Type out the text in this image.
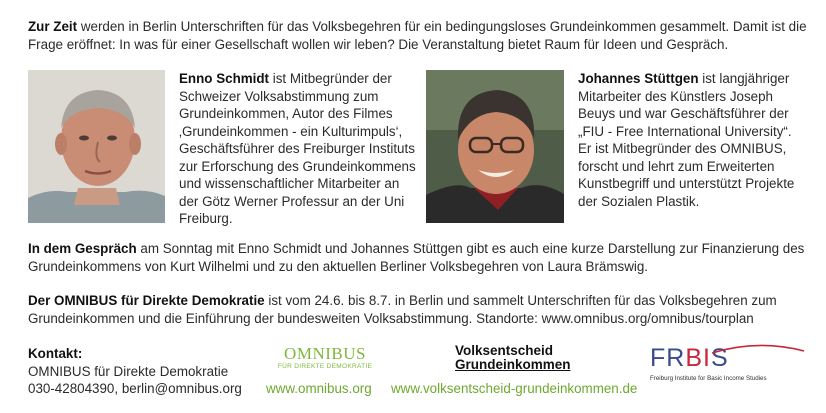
Zur Zeit werden in Berlin Unterschriften für das Volksbegehren für ein bedingungsloses Grundeinkommen gesammelt. Damit ist die Frage eröffnet: In was für einer Gesellschaft wollen wir leben? Die Veranstaltung bietet Raum für Ideen und Gespräch.

Enno Schmidt ist Mitbegründer der Schweizer Volksabstimmung zum Grundeinkommen, Autor des Filmes ‚Grundeinkommen - ein Kulturimpuls‘, Geschäftsführer des Freiburger Instituts zur Erforschung des Grundeinkommens und wissenschaftlicher Mitarbeiter an der Götz Werner Professur an der Uni Freiburg.

Johannes Stüttgen ist langjähriger Mitarbeiter des Künstlers Joseph Beuys und war Geschäftsführer der „FIU - Free International University“. Er ist Mitbegründer des OMNIBUS, forscht und lehrt zum Erweiterten Kunstbegriff und unterstützt Projekte der Sozialen Plastik.

In dem Gespräch am Sonntag mit Enno Schmidt und Johannes Stüttgen gibt es auch eine kurze Darstellung zur Finanzierung des Grundeinkommens von Kurt Wilhelmi und zu den aktuellen Berliner Volksbegehren von Laura Brämswig.

Der OMNIBUS für Direkte Demokratie ist vom 24.6. bis 8.7. in Berlin und sammelt Unterschriften für das Volksbegehren zum Grundeinkommen und die Einführung der bundesweiten Volksabstimmung. Standorte: www.omnibus.org/omnibus/tourplan

Kontakt:
OMNIBUS für Direkte Demokratie
030-42804390, berlin@omnibus.org
OMNIBUS
FÜR DIREKTE DEMOKRATIE
Volksentscheid
Grundeinkommen	FRBIS
Freiburg Institute for Basic Income Studies
www.omnibus.org www.volksentscheid-grundeinkommen.de
